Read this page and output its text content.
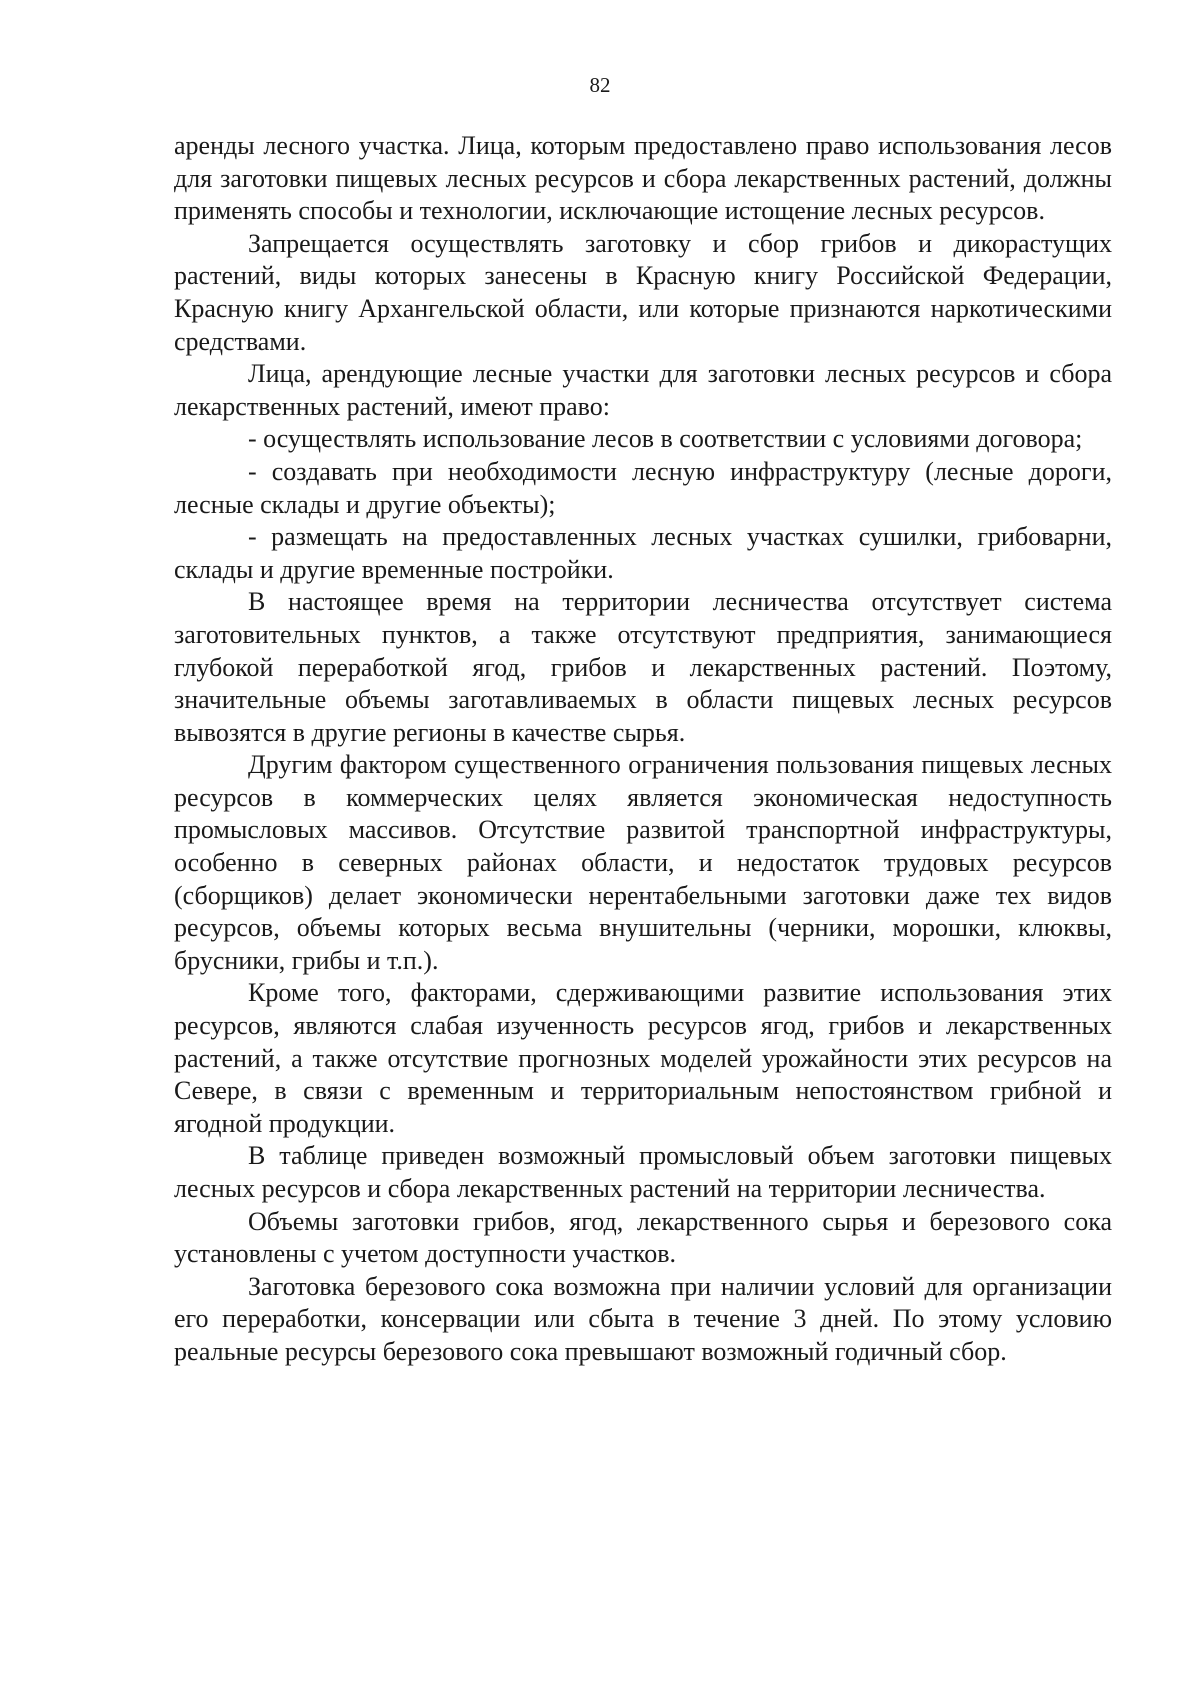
82

аренды лесного участка. Лица, которым предоставлено право использования лесов для заготовки пищевых лесных ресурсов и сбора лекарственных растений, должны применять способы и технологии, исключающие истощение лесных ресурсов.

Запрещается осуществлять заготовку и сбор грибов и дикорастущих растений, виды которых занесены в Красную книгу Российской Федерации, Красную книгу Архангельской области, или которые признаются наркотическими средствами.

Лица, арендующие лесные участки для заготовки лесных ресурсов и сбора лекарственных растений, имеют право:

- осуществлять использование лесов в соответствии с условиями договора;

- создавать при необходимости лесную инфраструктуру (лесные дороги, лесные склады и другие объекты);

- размещать на предоставленных лесных участках сушилки, грибоварни, склады и другие временные постройки.

В настоящее время на территории лесничества отсутствует система заготовительных пунктов, а также отсутствуют предприятия, занимающиеся глубокой переработкой ягод, грибов и лекарственных растений. Поэтому, значительные объемы заготавливаемых в области пищевых лесных ресурсов вывозятся в другие регионы в качестве сырья.

Другим фактором существенного ограничения пользования пищевых лесных ресурсов в коммерческих целях является экономическая недоступность промысловых массивов. Отсутствие развитой транспортной инфраструктуры, особенно в северных районах области, и недостаток трудовых ресурсов (сборщиков) делает экономически нерентабельными заготовки даже тех видов ресурсов, объемы которых весьма внушительны (черники, морошки, клюквы, брусники, грибы и т.п.).

Кроме того, факторами, сдерживающими развитие использования этих ресурсов, являются слабая изученность ресурсов ягод, грибов и лекарственных растений, а также отсутствие прогнозных моделей урожайности этих ресурсов на Севере, в связи с временным и территориальным непостоянством грибной и ягодной продукции.

В таблице приведен возможный промысловый объем заготовки пищевых лесных ресурсов и сбора лекарственных растений на территории лесничества.

Объемы заготовки грибов, ягод, лекарственного сырья и березового сока установлены с учетом доступности участков.

Заготовка березового сока возможна при наличии условий для организации его переработки, консервации или сбыта в течение 3 дней. По этому условию реальные ресурсы березового сока превышают возможный годичный сбор.
